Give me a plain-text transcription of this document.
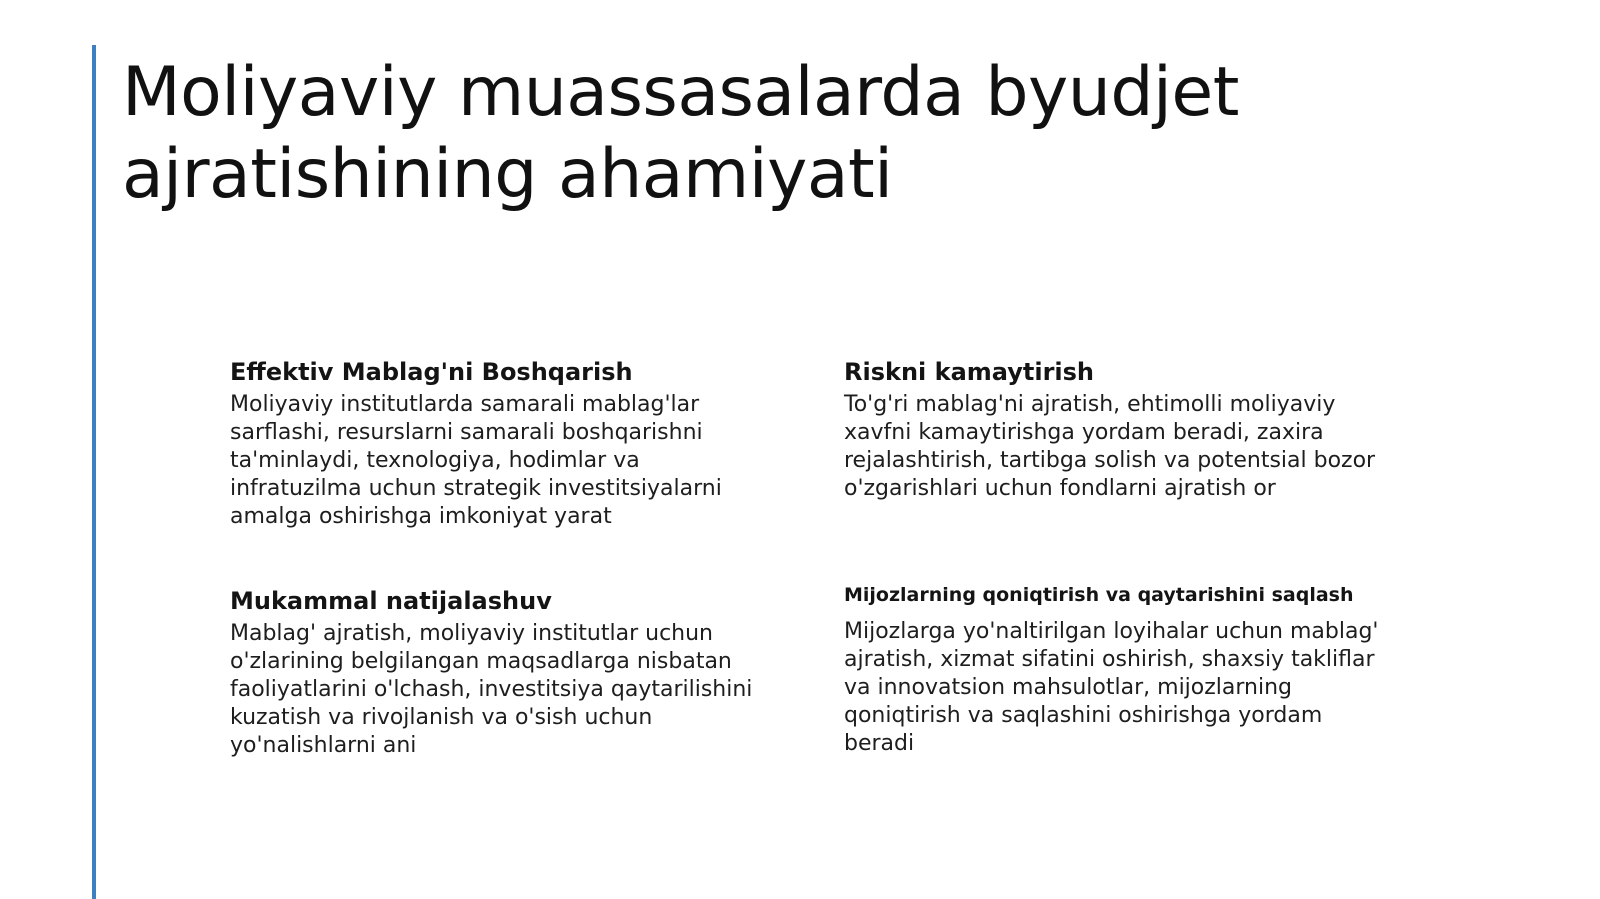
Moliyaviy muassasalarda byudjet ajratishining ahamiyati
Effektiv Mablag'ni Boshqarish

Moliyaviy institutlarda samarali mablag'lar sarflashi, resurslarni samarali boshqarishni ta'minlaydi, texnologiya, hodimlar va infratuzilma uchun strategik investitsiyalarni amalga oshirishga imkoniyat yarat

Riskni kamaytirish

To'g'ri mablag'ni ajratish, ehtimolli moliyaviy xavfni kamaytirishga yordam beradi, zaxira rejalashtirish, tartibga solish va potentsial bozor o'zgarishlari uchun fondlarni ajratish or

Mukammal natijalashuv

Mablag' ajratish, moliyaviy institutlar uchun o'zlarining belgilangan maqsadlarga nisbatan faoliyatlarini o'lchash, investitsiya qaytarilishini kuzatish va rivojlanish va o'sish uchun yo'nalishlarni ani

Mijozlarning qoniqtirish va qaytarishini saqlash

Mijozlarga yo'naltirilgan loyihalar uchun mablag' ajratish, xizmat sifatini oshirish, shaxsiy takliflar va innovatsion mahsulotlar, mijozlarning qoniqtirish va saqlashini oshirishga yordam beradi
